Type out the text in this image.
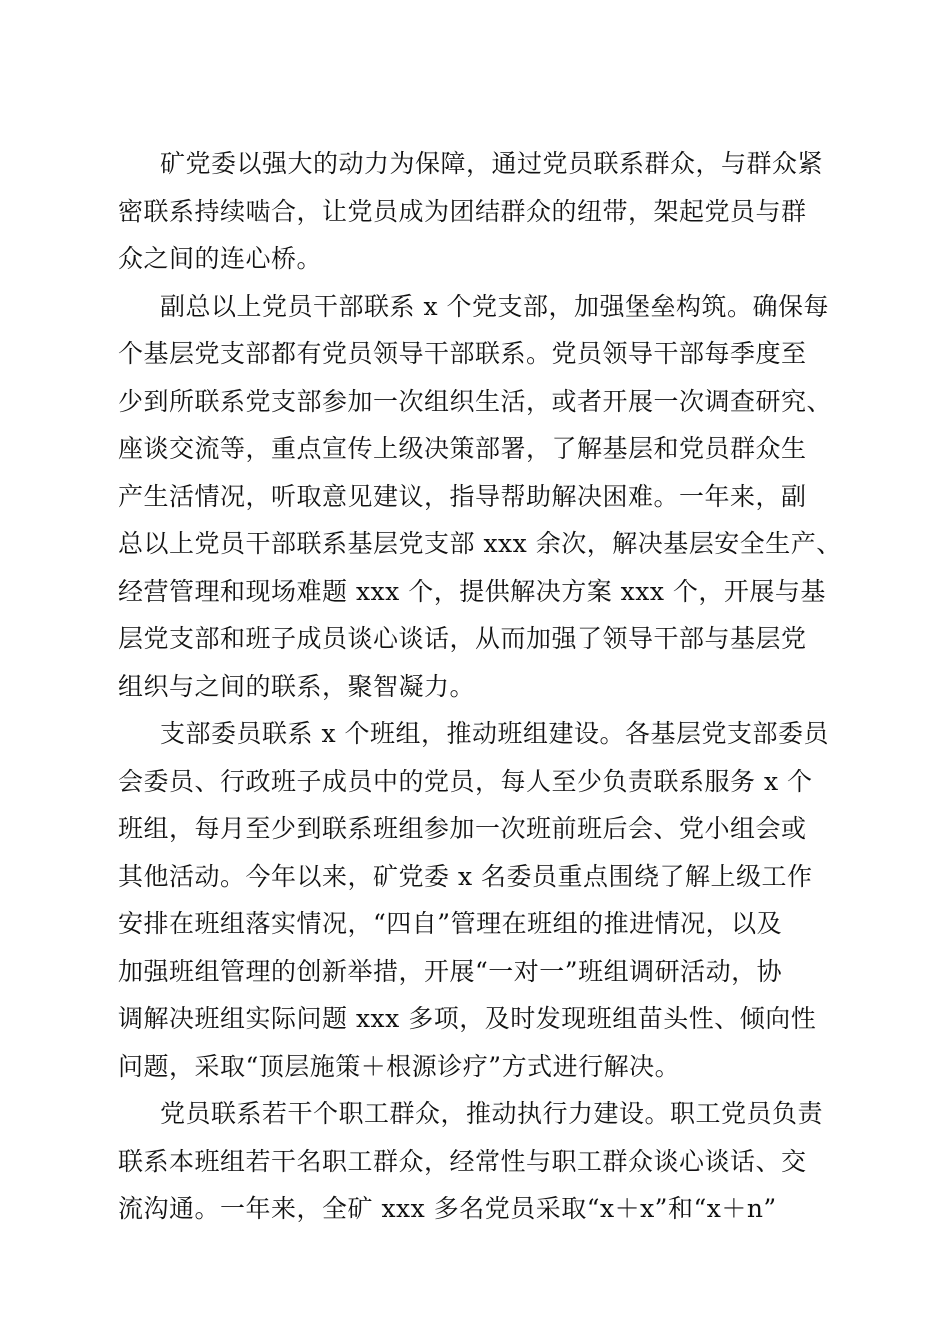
矿党委以强大的动力为保障，通过党员联系群众，与群众紧
密联系持续啮合，让党员成为团结群众的纽带，架起党员与群
众之间的连心桥。
副总以上党员干部联系 x 个党支部，加强堡垒构筑。确保每
个基层党支部都有党员领导干部联系。党员领导干部每季度至
少到所联系党支部参加一次组织生活，或者开展一次调查研究、
座谈交流等，重点宣传上级决策部署，了解基层和党员群众生
产生活情况，听取意见建议，指导帮助解决困难。一年来，副
总以上党员干部联系基层党支部 xxx 余次，解决基层安全生产、
经营管理和现场难题 xxx 个，提供解决方案 xxx 个，开展与基
层党支部和班子成员谈心谈话，从而加强了领导干部与基层党
组织与之间的联系，聚智凝力。
支部委员联系 x 个班组，推动班组建设。各基层党支部委员
会委员、行政班子成员中的党员，每人至少负责联系服务 x 个
班组，每月至少到联系班组参加一次班前班后会、党小组会或
其他活动。今年以来，矿党委 x 名委员重点围绕了解上级工作
安排在班组落实情况，“四自”管理在班组的推进情况，以及
加强班组管理的创新举措，开展“一对一”班组调研活动，协
调解决班组实际问题 xxx 多项，及时发现班组苗头性、倾向性
问题，采取“顶层施策＋根源诊疗”方式进行解决。
党员联系若干个职工群众，推动执行力建设。职工党员负责
联系本班组若干名职工群众，经常性与职工群众谈心谈话、交
流沟通。一年来，全矿 xxx 多名党员采取“x＋x”和“x＋n”
